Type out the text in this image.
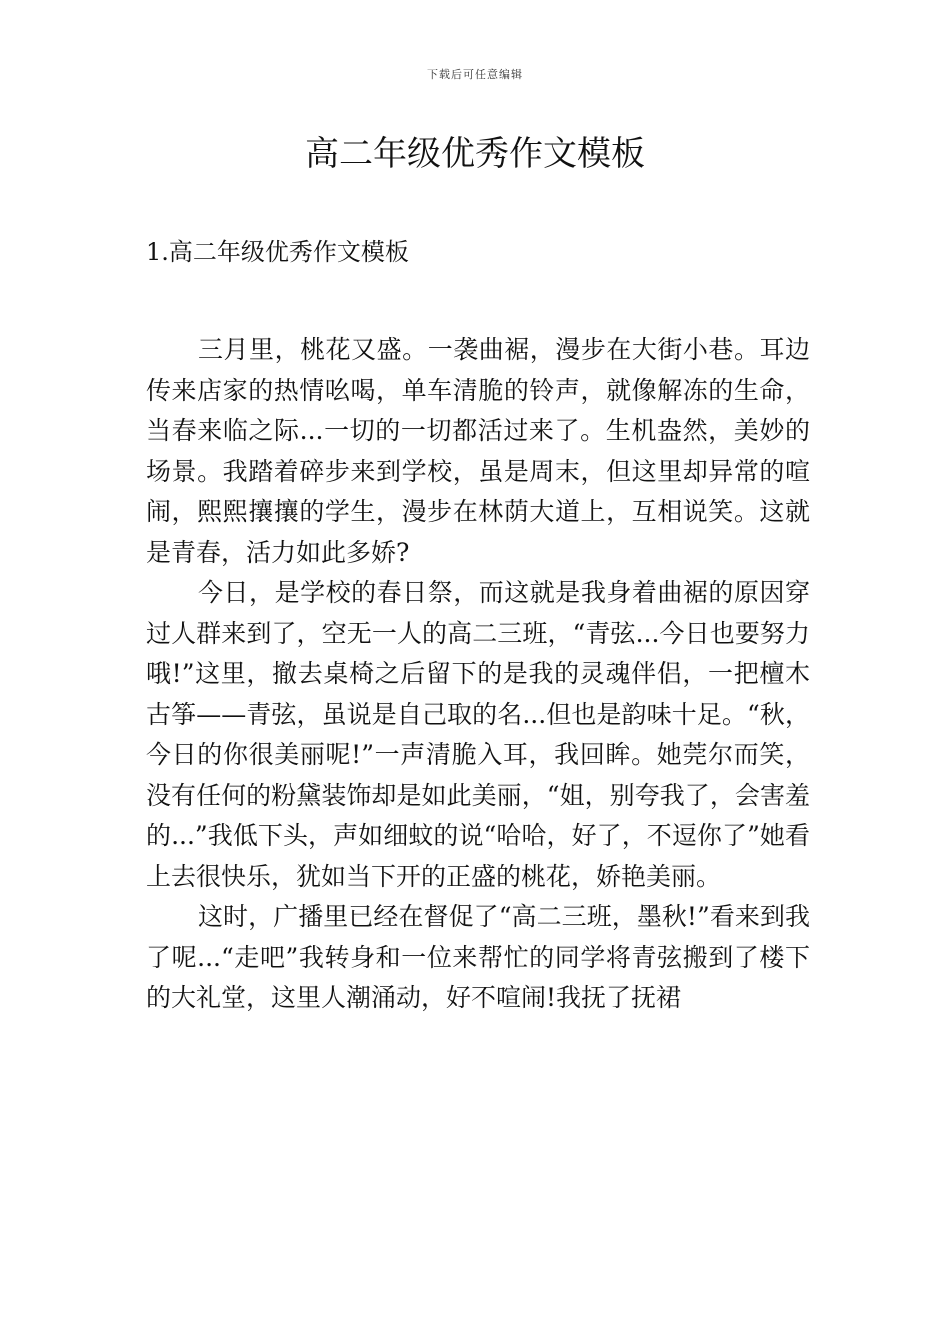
下载后可任意编辑
高二年级优秀作文模板
1.高二年级优秀作文模板

三月里，桃花又盛。一袭曲裾，漫步在大街小巷。耳边传来店家的热情吆喝，单车清脆的铃声，就像解冻的生命，当春来临之际...一切的一切都活过来了。生机盎然，美妙的场景。我踏着碎步来到学校，虽是周末，但这里却异常的喧闹，熙熙攘攘的学生，漫步在林荫大道上，互相说笑。这就是青春，活力如此多娇?

今日，是学校的春日祭，而这就是我身着曲裾的原因穿过人群来到了，空无一人的高二三班，“青弦...今日也要努力哦!”这里，撤去桌椅之后留下的是我的灵魂伴侣，一把檀木古筝——青弦，虽说是自己取的名...但也是韵味十足。“秋，今日的你很美丽呢!”一声清脆入耳，我回眸。她莞尔而笑，没有任何的粉黛装饰却是如此美丽，“姐，别夸我了，会害羞的...”我低下头，声如细蚊的说“哈哈，好了，不逗你了”她看上去很快乐，犹如当下开的正盛的桃花，娇艳美丽。

这时，广播里已经在督促了“高二三班，墨秋!”看来到我了呢...“走吧”我转身和一位来帮忙的同学将青弦搬到了楼下的大礼堂，这里人潮涌动，好不喧闹!我抚了抚裙
